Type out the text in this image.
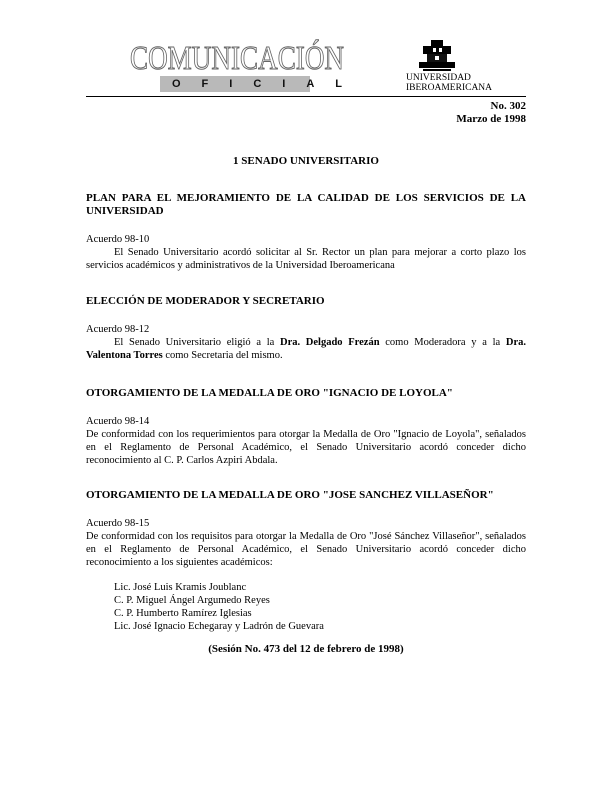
COMUNICACIÓN
OFICIAL	UNIVERSIDAD
IBEROAMERICANA
No. 302
Marzo de 1998
1 SENADO UNIVERSITARIO
PLAN PARA EL MEJORAMIENTO DE LA CALIDAD DE LOS SERVICIOS DE LA UNIVERSIDAD
Acuerdo 98-10

El Senado Universitario acordó solicitar al Sr. Rector un plan para mejorar a corto plazo los servicios académicos y administrativos de la Universidad Iberoamericana

ELECCIÓN DE MODERADOR Y SECRETARIO
Acuerdo 98-12

El Senado Universitario eligió a la Dra. Delgado Frezán como Moderadora y a la Dra. Valentona Torres como Secretaria del mismo.

OTORGAMIENTO DE LA MEDALLA DE ORO "IGNACIO DE LOYOLA"
Acuerdo 98-14

De conformidad con los requerimientos para otorgar la Medalla de Oro "Ignacio de Loyola", señalados en el Reglamento de Personal Académico, el Senado Universitario acordó conceder dicho reconocimiento al C. P. Carlos Azpiri Abdala.

OTORGAMIENTO DE LA MEDALLA DE ORO "JOSE SANCHEZ VILLASEÑOR"
Acuerdo 98-15

De conformidad con los requisitos para otorgar la Medalla de Oro "José Sánchez Villaseñor", señalados en el Reglamento de Personal Académico, el Senado Universitario acordó conceder dicho reconocimiento a los siguientes académicos:

Lic. José Luis Kramis Joublanc
C. P. Miguel Ángel Argumedo Reyes
C. P. Humberto Ramírez Iglesias
Lic. José Ignacio Echegaray y Ladrón de Guevara
(Sesión No. 473 del 12 de febrero de 1998)
